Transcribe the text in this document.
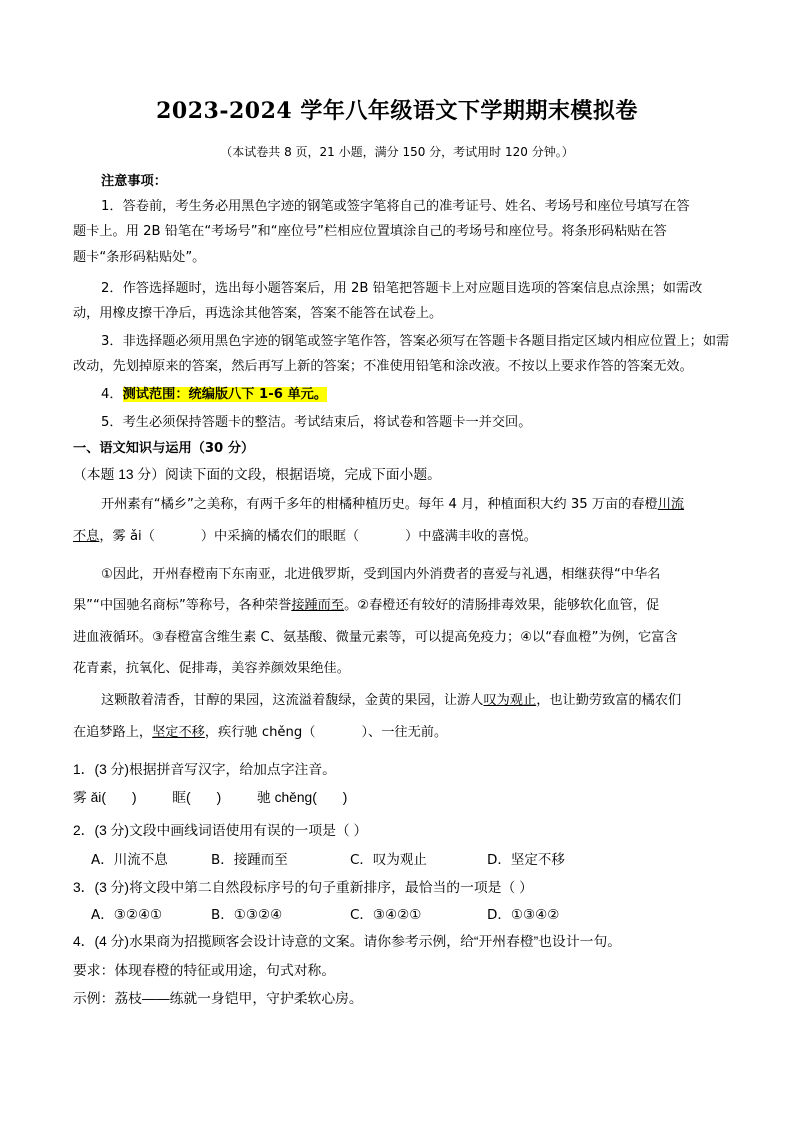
2023-2024 学年八年级语文下学期期末模拟卷
（本试卷共 8 页，21 小题，满分 150 分，考试用时 120 分钟。）
注意事项：
1．答卷前，考生务必用黑色字迹的钢笔或签字笔将自己的准考证号、姓名、考场号和座位号填写在答
题卡上。用 2B 铅笔在“考场号”和“座位号”栏相应位置填涂自己的考场号和座位号。将条形码粘贴在答
题卡“条形码粘贴处”。
2．作答选择题时，选出每小题答案后，用 2B 铅笔把答题卡上对应题目选项的答案信息点涂黑；如需改
动，用橡皮擦干净后，再选涂其他答案，答案不能答在试卷上。
3．非选择题必须用黑色字迹的钢笔或签字笔作答，答案必须写在答题卡各题目指定区域内相应位置上；如需
改动，先划掉原来的答案，然后再写上新的答案；不准使用铅笔和涂改液。不按以上要求作答的答案无效。
4．测试范围：统编版八下 1-6 单元。
5．考生必须保持答题卡的整洁。考试结束后，将试卷和答题卡一并交回。
一、语文知识与运用（30 分）
（本题 13 分）阅读下面的文段，根据语境，完成下面小题。
开州素有“橘乡”之美称，有两千多年的柑橘种植历史。每年 4 月，种植面积大约 35 万亩的春橙川流
不息，雾 ǎi（	）中采摘的橘农们的眼眶（	）中盛满丰收的喜悦。
①因此，开州春橙南下东南亚，北进俄罗斯，受到国内外消费者的喜爱与礼遇，相继获得“中华名
果”“中国驰名商标”等称号，各种荣誉接踵而至。②春橙还有较好的清肠排毒效果，能够软化血管，促
进血液循环。③春橙富含维生素 C、氨基酸、微量元素等，可以提高免疫力；④以“春血橙”为例，它富含
花青素，抗氧化、促排毒，美容养颜效果绝佳。
这颗散着清香，甘醇的果园，这流溢着馥绿，金黄的果园，让游人叹为观止，也让勤劳致富的橘农们
在追梦路上，坚定不移，疾行驰 chěng（	）、一往无前。
1．(3 分)根据拼音写汉字，给加点字注音。
雾 ǎi( )	眶( )	驰 chěng( )
2．(3 分)文段中画线词语使用有误的一项是（ ）
A．川流不息	B．接踵而至	C．叹为观止	D．坚定不移
3．(3 分)将文段中第二自然段标序号的句子重新排序，最恰当的一项是（ ）
A．③②④①	B．①③②④	C．③④②①	D．①③④②
4．(4 分)水果商为招揽顾客会设计诗意的文案。请你参考示例，给“开州春橙”也设计一句。
要求：体现春橙的特征或用途，句式对称。
示例：荔枝——练就一身铠甲，守护柔软心房。
